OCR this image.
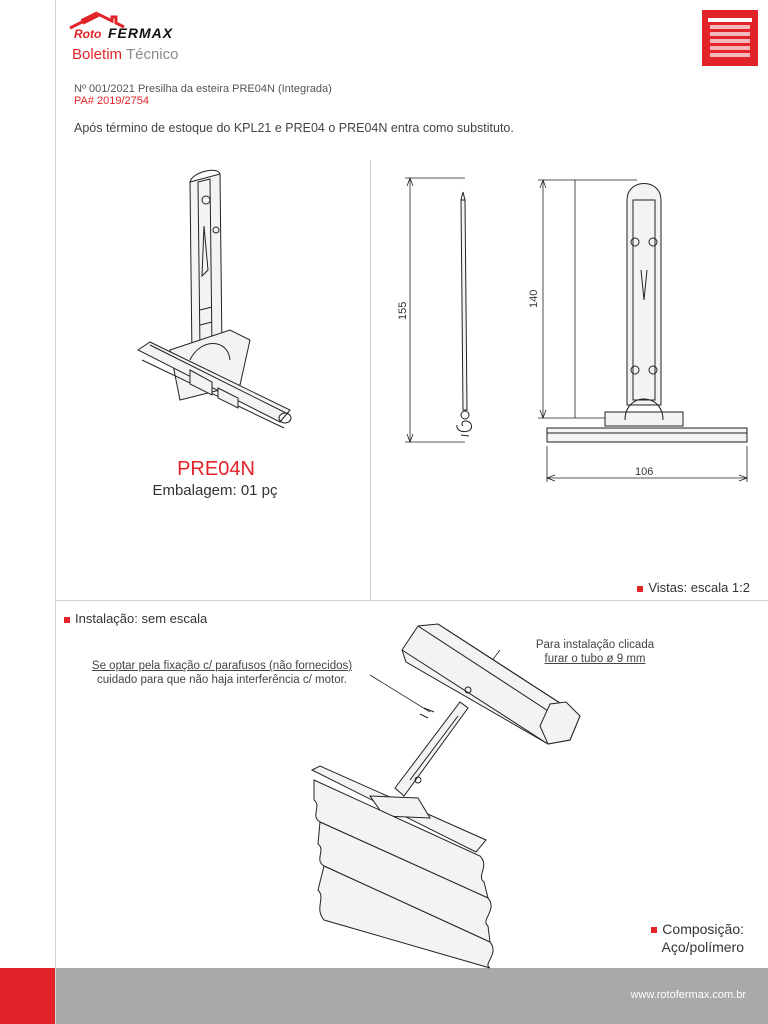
www.rotofermax.com.br
Roto FERMAX
Boletim Técnico
Nº 001/2021 Presilha da esteira PRE04N (Integrada)
PA# 2019/2754
Após término de estoque do KPL21 e PRE04 o PRE04N entra como substituto.
PRE04N
Embalagem: 01 pç
155
140
106
Vistas: escala 1:2
Instalação: sem escala
Se optar pela fixação c/ parafusos (não fornecidos)
cuidado para que não haja interferência c/ motor.
Para instalação clicada
furar o tubo ø 9 mm
Composição:
Aço/polímero
